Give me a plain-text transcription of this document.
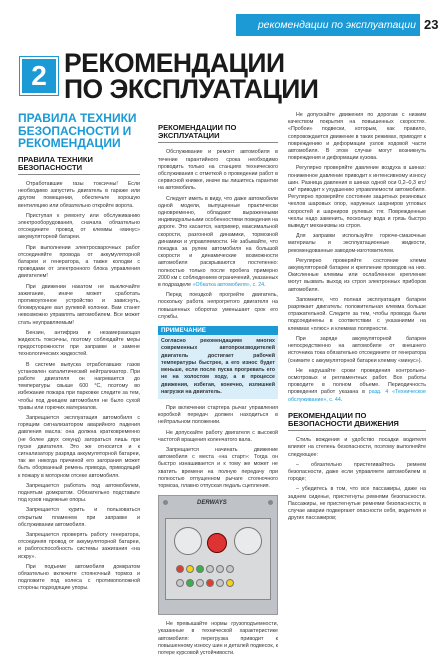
рекомендации по эксплуатации 23
2 РЕКОМЕНДАЦИИ
ПО ЭКСПЛУАТАЦИИ
ПРАВИЛА ТЕХНИКИ БЕЗОПАСНОСТИ И РЕКОМЕНДАЦИИ
ПРАВИЛА ТЕХНИКИ БЕЗОПАСНОСТИ

Отработавшие газы токсичны! Если необходимо запустить двигатель в гараже или другом помещении, обеспечьте хорошую вентиляцию или обязательно откройте ворота.

Приступая к ремонту или обслуживанию электрооборудования, сначала обязательно отсоедините провод от клеммы «минус» аккумуляторной батареи.

При выполнении электросварочных работ отсоединяйте провода от аккумуляторной батареи и генератора, а также колодки с проводами от электронного блока управления двигателем!

При движении накатом не выключайте зажигание, иначе может сработать противоугонное устройство и зависнуть, блокирующее вал рулевой колонки. Вам станет невозможно управлять автомобилем. Все может стать неуправляемым!

Бензин, антифриз и незамерзающая жидкость токсичны, поэтому соблюдайте меры предосторожности при заправке и замене технологических жидкостей.

В системе выпуска отработавших газов установлен каталитический нейтрализатор. При работе двигателя он нагревается до температуры свыше 600 °С, поэтому во избежание пожара при парковке следите за тем, чтобы под днищем автомобиля не было сухой травы или горючих материалов.

Запрещается эксплуатация автомобиля с горящим сигнализатором аварийного падения давления масла: она должна кратковременно (не более двух секунд) загораться лишь при пуске двигателя. Это же относится и к сигнализатору разряда аккумуляторной батареи, так же никогда причиной его загорания может быть оборванный ремень привода, приводящий к пожару в моторном отсеке автомобиля.

Запрещается работать под автомобилем, поднятым домкратом. Обязательно подставьте под кузов надежные опоры.

Запрещается курить и пользоваться открытым пламенем при заправке и обслуживании автомобиля.

Запрещается проверять работу генератора, отсоединяя провод от аккумуляторной батареи, и работоспособность системы зажигания «на искру».

При подъеме автомобиля домкратом обязательно включите стояночный тормоз и подложите под колеса с противоположной стороны подходящие упоры.

РЕКОМЕНДАЦИИ ПО ЭКСПЛУАТАЦИИ

Обслуживание и ремонт автомобиля в течение гарантийного срока необходимо проводить только на станциях технического обслуживания с отметкой о проведении работ в сервисной книжке, иначе вы лишитесь гарантии на автомобиль.

Следует иметь в виду, что даже автомобили одной модели, выпущенные практически одновременно, обладают выраженными индивидуальными особенностями поведения на дороге. Это касается, например, максимальной скорости, разгонной динамики, тормозной динамики и управляемости. Не забывайте, что поездка за рулем автомобиля на большой скорости и динамические возможности автомобиля раскрываются постепенно: полностью только после пробега примерно 2000 км с соблюдением ограничений, указанных в подразделе «Обкатка автомобиля», с. 24.

Перед поездкой прогрейте двигатель, поскольку работа непрогретого двигателя на повышенных оборотах уменьшает срок его службы.

ПРИМЕЧАНИЕ
Согласно рекомендациям многих современных автопроизводителей двигатель достигает рабочей температуры быстрее, а его износ будет меньше, если после пуска прогревать его не на холостом ходу, а в процессе движения, избегая, конечно, излишней нагрузки на двигатель.

При включении стартера рычаг управления коробкой передач должен находиться в нейтральном положении.

Не допускайте работу двигателя с высокой частотой вращения коленчатого вала.

Запрещается начинать движение автомобиля с места «на старт»: Тогда он быстро изнашивается и к тому же может не хватить времени на полную передачу при полностью отпущенном рычаге стояночного тормоза, плавно отпуская педаль сцепления.

DERWAYS

Не превышайте нормы грузоподъемности, указанные в технической характеристике автомобиля: перегрузка приводит к повышенному износу шин и деталей подвесок, к потере курсовой устойчивости.

Не допускайте движения по дорогам с низким качеством покрытия на повышенных скоростях. «Пробои» подвески, которым, как правило, сопровождается движение в таких режимах, приводят к повреждению и деформации узлов ходовой части автомобиля. В этом случае могут возникнуть повреждения и деформации кузова.

Регулярно проверяйте давление воздуха в шинах: пониженное давление приводит к интенсивному износу шин. Разница давления в шинах одной оси 0,2–0,3 кгс/см² приводит к ухудшению управляемости автомобиля. Регулярно проверяйте состояние защитных резиновых чехлов шаровых опор, наружных шарниров угловых скоростей и шарниров рулевых тяг. Поврежденные чехлы надо заменить, поскольку вода и грязь быстро выведут механизмы из строя.

Для заправки используйте горюче-смазочные материалы и эксплуатационные жидкости, рекомендованные заводом-изготовителем.

Регулярно проверяйте состояние клемм аккумуляторной батареи и крепление проводов на них. Окисленные клеммы или ослабленное крепление могут вызвать выход из строя электронных приборов автомобиля.

Запомните, что полная эксплуатация батареи разряжает двигатель: положительная клемма больше отражательной. Следите за тем, чтобы провода были подсоединены в соответствии с указаниями на клеммах «плюс» и клеммах полярности.

При заряде аккумуляторной батареи непосредственно на автомобиле от внешнего источника тока обязательно отсоедините от генератора (снимите с аккумуляторной батареи клемму «минус»).

Не нарушайте сроки проведения контрольно-осмотровых и регламентных работ. Все работы проводите в полном объеме. Периодичность проведения работ указана в разд. 4 «Техническое обслуживание», с. 44.

РЕКОМЕНДАЦИИ ПО БЕЗОПАСНОСТИ ДВИЖЕНИЯ

Стиль вождения и удобство посадки водителя влияют на степень безопасности, поэтому выполняйте следующее:

– обязательно пристегивайтесь ремнем безопасности, даже если управляете автомобилем в городе;

– убедитесь в том, что все пассажиры, даже на заднем сиденье, пристегнуты ремнями безопасности. Пассажиры, не пристегнутые ремнями безопасности, в случае аварии подвергают опасности себя, водителя и других пассажиров;
